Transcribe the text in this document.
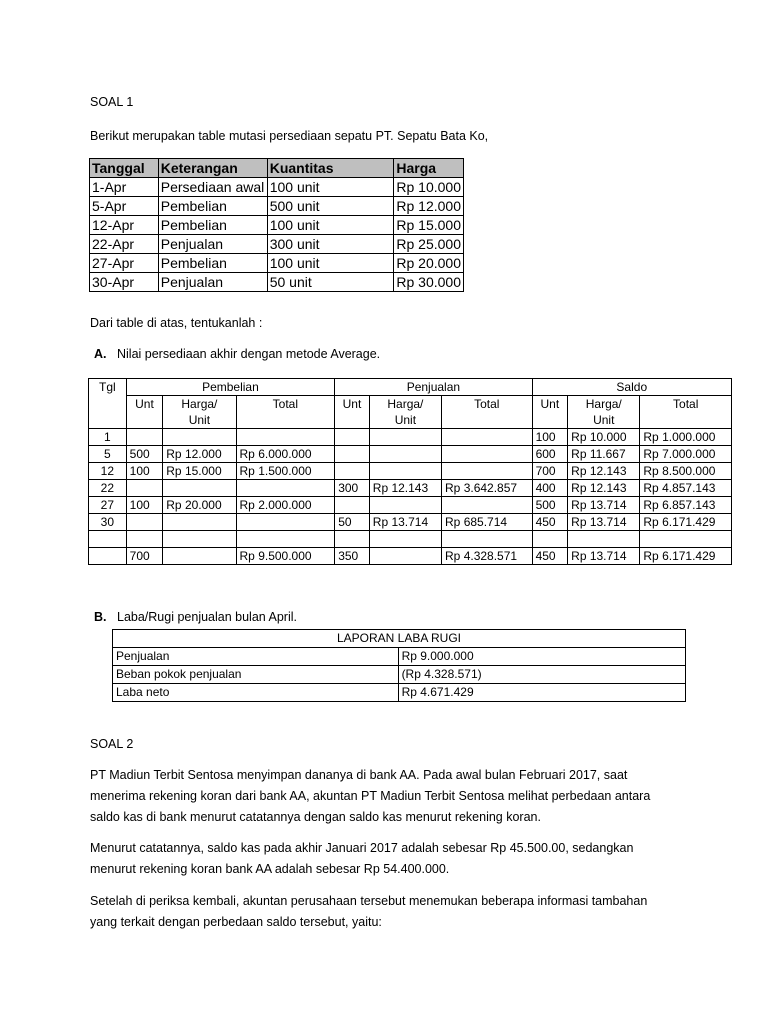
SOAL 1
Berikut merupakan table mutasi persediaan sepatu PT. Sepatu Bata Ko,
Tanggal	Keterangan	Kuantitas	Harga
1-Apr	Persediaan awal	100 unit	Rp 10.000
5-Apr	Pembelian	500 unit	Rp 12.000
12-Apr	Pembelian	100 unit	Rp 15.000
22-Apr	Penjualan	300 unit	Rp 25.000
27-Apr	Pembelian	100 unit	Rp 20.000
30-Apr	Penjualan	50 unit	Rp 30.000
Dari table di atas, tentukanlah :
A. Nilai persediaan akhir dengan metode Average.
Tgl	Pembelian			Penjualan			Saldo		
	Unt	Harga/	Total	Unt	Harga/	Total	Unt	Harga/	Total
		Unit			Unit			Unit	
1							100	Rp 10.000	Rp 1.000.000
5	500	Rp 12.000	Rp 6.000.000				600	Rp 11.667	Rp 7.000.000
12	100	Rp 15.000	Rp 1.500.000				700	Rp 12.143	Rp 8.500.000
22				300	Rp 12.143	Rp 3.642.857	400	Rp 12.143	Rp 4.857.143
27	100	Rp 20.000	Rp 2.000.000				500	Rp 13.714	Rp 6.857.143
30				50	Rp 13.714	Rp 685.714	450	Rp 13.714	Rp 6.171.429

	700		Rp 9.500.000	350		Rp 4.328.571	450	Rp 13.714	Rp 6.171.429
B. Laba/Rugi penjualan bulan April.
LAPORAN LABA RUGI	
Penjualan	Rp 9.000.000
Beban pokok penjualan	(Rp 4.328.571)
Laba neto	Rp 4.671.429
SOAL 2
PT Madiun Terbit Sentosa menyimpan dananya di bank AA. Pada awal bulan Februari 2017, saat
menerima rekening koran dari bank AA, akuntan PT Madiun Terbit Sentosa melihat perbedaan antara
saldo kas di bank menurut catatannya dengan saldo kas menurut rekening koran.
Menurut catatannya, saldo kas pada akhir Januari 2017 adalah sebesar Rp 45.500.00, sedangkan
menurut rekening koran bank AA adalah sebesar Rp 54.400.000.
Setelah di periksa kembali, akuntan perusahaan tersebut menemukan beberapa informasi tambahan
yang terkait dengan perbedaan saldo tersebut, yaitu:
